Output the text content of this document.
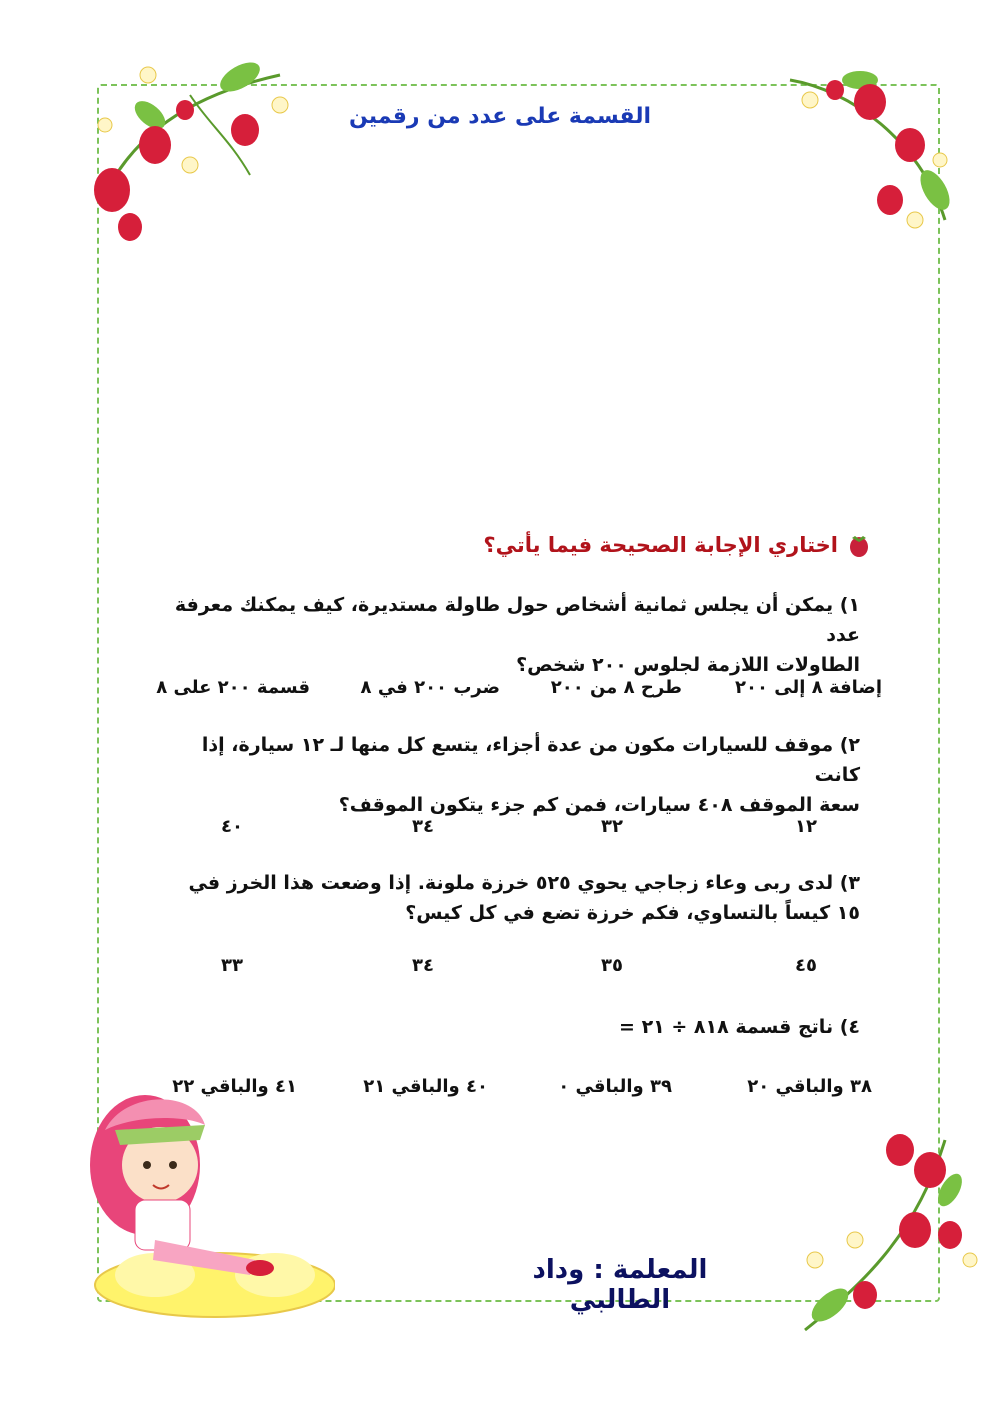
القسمة على عدد من رقمين
اختاري الإجابة الصحيحة فيما يأتي؟
١) يمكن أن يجلس ثمانية أشخاص حول طاولة مستديرة، كيف يمكنك معرفة عدد
الطاولات اللازمة لجلوس ٢٠٠ شخص؟
إضافة ٨ إلى ٢٠٠
طرح ٨ من ٢٠٠
ضرب ٢٠٠ في ٨
قسمة ٢٠٠ على ٨
٢) موقف للسيارات مكون من عدة أجزاء، يتسع كل منها لـ ١٢ سيارة، إذا كانت
سعة الموقف ٤٠٨ سيارات، فمن كم جزء يتكون الموقف؟
١٢
٣٢
٣٤
٤٠
٣) لدى ربى وعاء زجاجي يحوي ٥٢٥ خرزة ملونة. إذا وضعت هذا الخرز في
١٥ كيساً بالتساوي، فكم خرزة تضع في كل كيس؟
٤٥
٣٥
٣٤
٣٣
٤) ناتج قسمة ٨١٨ ÷ ٢١ =
٣٨ والباقي ٢٠
٣٩ والباقي ٠
٤٠ والباقي ٢١
٤١ والباقي ٢٢
المعلمة : وداد الطالبي
